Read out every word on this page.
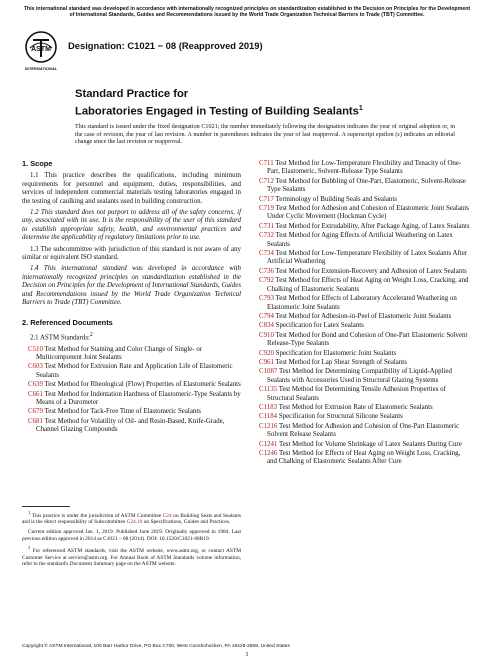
This international standard was developed in accordance with internationally recognized principles on standardization established in the Decision on Principles for the Development of International Standards, Guides and Recommendations issued by the World Trade Organization Technical Barriers to Trade (TBT) Committee.
ASTM
INTERNATIONAL
Designation: C1021 − 08 (Reapproved 2019)
Standard Practice for
Laboratories Engaged in Testing of Building Sealants$^1$
This standard is issued under the fixed designation C1021; the number immediately following the designation indicates the year of original adoption or, in the case of revision, the year of last revision. A number in parentheses indicates the year of last reapproval. A superscript epsilon (ε) indicates an editorial change since the last revision or reapproval.
1. Scope

1.1 This practice describes the qualifications, including minimum requirements for personnel and equipment, duties, responsibilities, and services of independent commercial materials testing laboratories engaged in the testing of caulking and sealants used in building construction.

1.2 This standard does not purport to address all of the safety concerns, if any, associated with its use. It is the responsibility of the user of this standard to establish appropriate safety, health, and environmental practices and determine the applicability of regulatory limitations prior to use.

1.3 The subcommittee with jurisdiction of this standard is not aware of any similar or equivalent ISO standard.

1.4 This international standard was developed in accordance with internationally recognized principles on standardization established in the Decision on Principles for the Development of International Standards, Guides and Recommendations issued by the World Trade Organization Technical Barriers to Trade (TBT) Committee.

2. Referenced Documents

2.1 ASTM Standards:$^2$

C510 Test Method for Staining and Color Change of Single- or Multicomponent Joint Sealants

C603 Test Method for Extrusion Rate and Application Life of Elastomeric Sealants

C639 Test Method for Rheological (Flow) Properties of Elastomeric Sealants

C661 Test Method for Indentation Hardness of Elastomeric-Type Sealants by Means of a Durometer

C679 Test Method for Tack-Free Time of Elastomeric Sealants

C681 Test Method for Volatility of Oil- and Resin-Based, Knife-Grade, Channel Glazing Compounds

C711 Test Method for Low-Temperature Flexibility and Tenacity of One-Part, Elastomeric, Solvent-Release Type Sealants

C712 Test Method for Bubbling of One-Part, Elastomeric, Solvent-Release Type Sealants

C717 Terminology of Building Seals and Sealants

C719 Test Method for Adhesion and Cohesion of Elastomeric Joint Sealants Under Cyclic Movement (Hockman Cycle)

C731 Test Method for Extrudability, After Package Aging, of Latex Sealants

C732 Test Method for Aging Effects of Artificial Weathering on Latex Sealants

C734 Test Method for Low-Temperature Flexibility of Latex Sealants After Artificial Weathering

C736 Test Method for Extension-Recovery and Adhesion of Latex Sealants

C792 Test Method for Effects of Heat Aging on Weight Loss, Cracking, and Chalking of Elastomeric Sealants

C793 Test Method for Effects of Laboratory Accelerated Weathering on Elastomeric Joint Sealants

C794 Test Method for Adhesion-in-Peel of Elastomeric Joint Sealants

C834 Specification for Latex Sealants

C910 Test Method for Bond and Cohesion of One-Part Elastomeric Solvent Release-Type Sealants

C920 Specification for Elastomeric Joint Sealants

C961 Test Method for Lap Shear Strength of Sealants

C1087 Test Method for Determining Compatibility of Liquid-Applied Sealants with Accessories Used in Structural Glazing Systems

C1135 Test Method for Determining Tensile Adhesion Properties of Structural Sealants

C1183 Test Method for Extrusion Rate of Elastomeric Sealants

C1184 Specification for Structural Silicone Sealants

C1216 Test Method for Adhesion and Cohesion of One-Part Elastomeric Solvent Release Sealants

C1241 Test Method for Volume Shrinkage of Latex Sealants During Cure

C1246 Test Method for Effects of Heat Aging on Weight Loss, Cracking, and Chalking of Elastomeric Sealants After Cure

$^1$ This practice is under the jurisdiction of ASTM Committee C24 on Building Seals and Sealants and is the direct responsibility of Subcommittee C24.10 on Specifications, Guides and Practices.

Current edition approved Jan. 1, 2019. Published June 2019. Originally approved in 1984. Last previous edition approved in 2014 as C1021 – 08 (2014). DOI: 10.1520/C1021-08R19.

$^2$ For referenced ASTM standards, visit the ASTM website, www.astm.org, or contact ASTM Customer Service at service@astm.org. For Annual Book of ASTM Standards volume information, refer to the standard's Document Summary page on the ASTM website.

Copyright © ASTM International, 100 Barr Harbor Drive, PO Box C700, West Conshohocken, PA 19428-2959. United States
1
